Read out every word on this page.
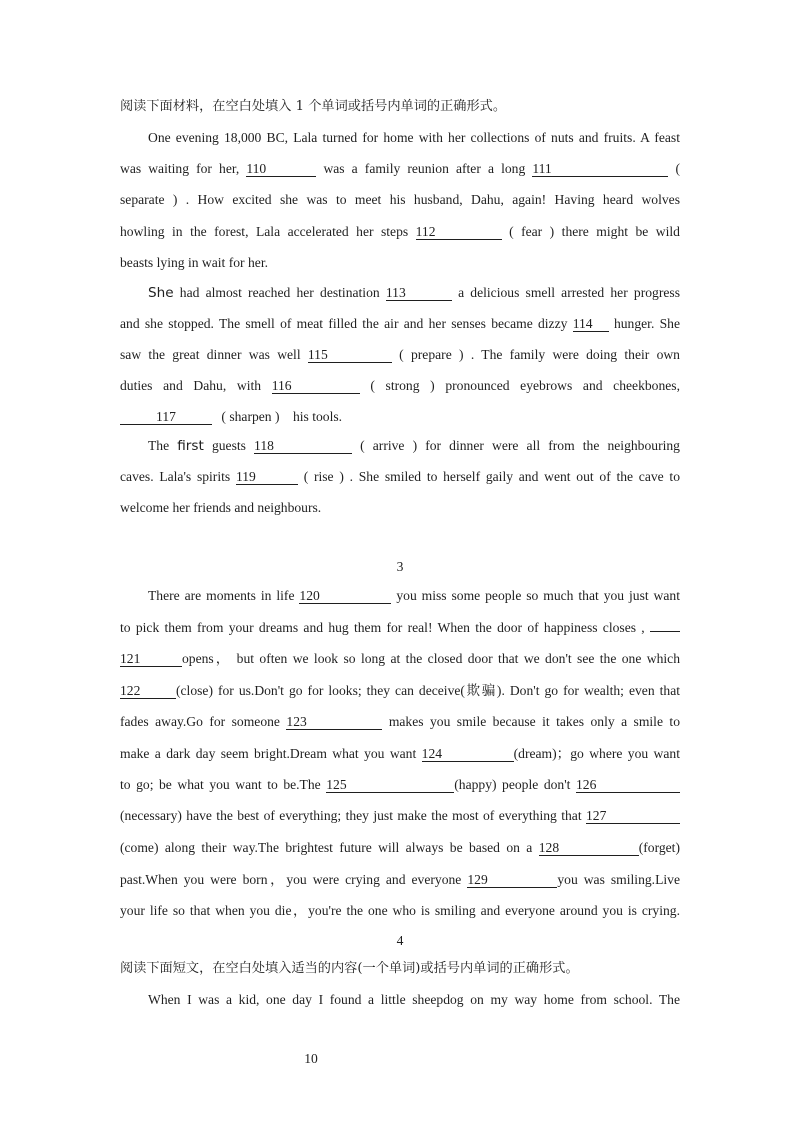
阅读下面材料，在空白处填入 1 个单词或括号内单词的正确形式。
One evening 18,000 BC, Lala turned for home with her collections of nuts and fruits. A feast
was waiting for her, 110	was a family reunion after a long 111	(
separate ) . How excited she was to meet his husband, Dahu, again! Having heard wolves
howling in the forest, Lala accelerated her steps 112	( fear ) there might be wild
beasts lying in wait for her.
She had almost reached her destination 113	a delicious smell arrested her progress
and she stopped. The smell of meat filled the air and her senses became dizzy 114 hunger. She
saw the great dinner was well 115	( prepare ) . The family were doing their own
duties and Dahu, with 116	( strong ) pronounced eyebrows and cheekbones,
117	( sharpen ) his tools.
The first guests 118	( arrive ) for dinner were all from the neighbouring
caves. Lala's spirits 119	( rise ) . She smiled to herself gaily and went out of the cave to
welcome her friends and neighbours.
3
There are moments in life 120	you miss some people so much that you just want
to pick them from your dreams and hug them for real! When the door of happiness closes ,
121	opens， but often we look so long at the closed door that we don't see the one which
122	(close) for us.Don't go for looks; they can deceive(欺骗). Don't go for wealth; even that
fades away.Go for someone 123	makes you smile because it takes only a smile to
make a dark day seem bright.Dream what you want 124	(dream)；go where you want
to go; be what you want to be.The 125	(happy) people don't 126
(necessary) have the best of everything; they just make the most of everything that 127
(come) along their way.The brightest future will always be based on a 128	(forget)
past.When you were born，you were crying and everyone 129	you was smiling.Live
your life so that when you die，you're the one who is smiling and everyone around you is crying.
4
阅读下面短文，在空白处填入适当的内容(一个单词)或括号内单词的正确形式。
When I was a kid, one day I found a little sheepdog on my way home from school. The
10
